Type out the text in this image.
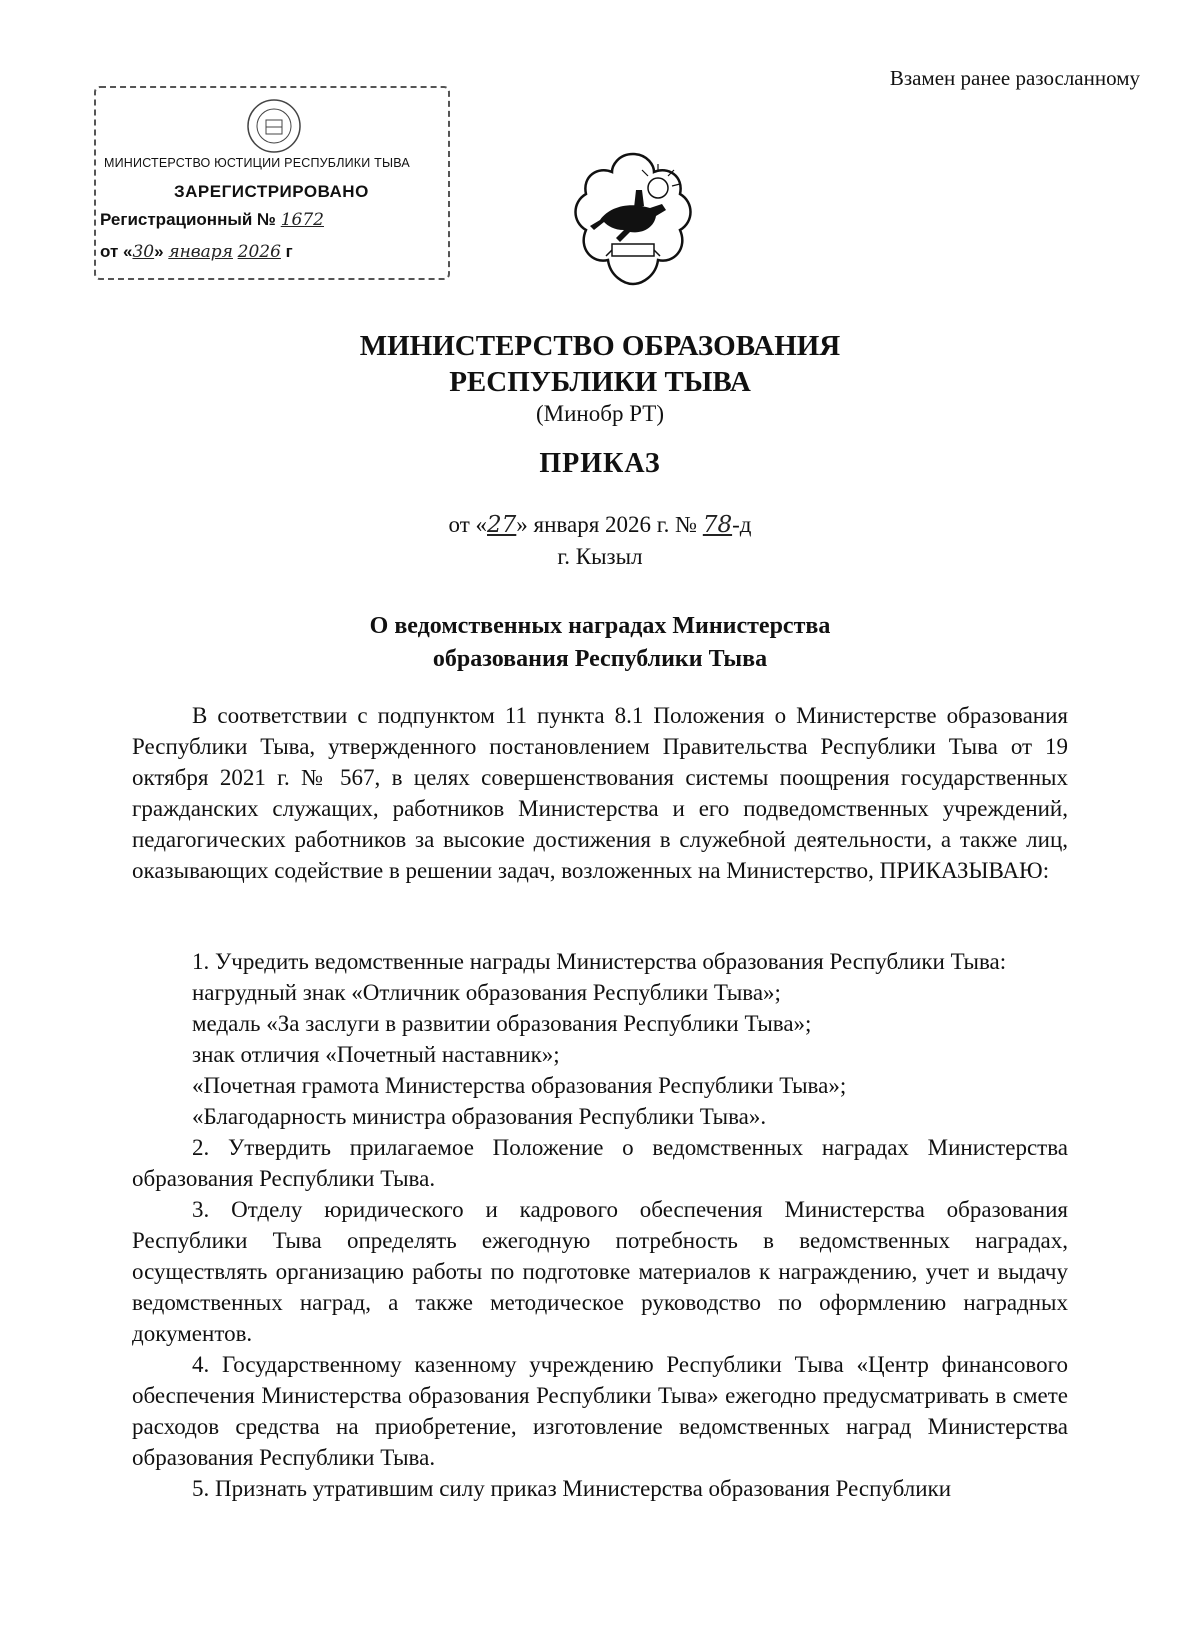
Взамен ранее разосланному
МИНИСТЕРСТВО ЮСТИЦИИ РЕСПУБЛИКИ ТЫВА
ЗАРЕГИСТРИРОВАНО
Регистрационный № 1672
от «30» января 2026 г
МИНИСТЕРСТВО ОБРАЗОВАНИЯ
РЕСПУБЛИКИ ТЫВА
(Минобр РТ)
ПРИКАЗ
от «27» января 2026 г. № 78-д
г. Кызыл
О ведомственных наградах Министерства
образования Республики Тыва

В соответствии с подпунктом 11 пункта 8.1 Положения о Министерстве образования Республики Тыва, утвержденного постановлением Правительства Республики Тыва от 19 октября 2021 г. № 567, в целях совершенствования системы поощрения государственных гражданских служащих, работников Министерства и его подведомственных учреждений, педагогических работников за высокие достижения в служебной деятельности, а также лиц, оказывающих содействие в решении задач, возложенных на Министерство, ПРИКАЗЫВАЮ:

1. Учредить ведомственные награды Министерства образования Республики Тыва:

нагрудный знак «Отличник образования Республики Тыва»;

медаль «За заслуги в развитии образования Республики Тыва»;

знак отличия «Почетный наставник»;

«Почетная грамота Министерства образования Республики Тыва»;

«Благодарность министра образования Республики Тыва».

2. Утвердить прилагаемое Положение о ведомственных наградах Министерства образования Республики Тыва.

3. Отделу юридического и кадрового обеспечения Министерства образования Республики Тыва определять ежегодную потребность в ведомственных наградах, осуществлять организацию работы по подготовке материалов к награждению, учет и выдачу ведомственных наград, а также методическое руководство по оформлению наградных документов.

4. Государственному казенному учреждению Республики Тыва «Центр финансового обеспечения Министерства образования Республики Тыва» ежегодно предусматривать в смете расходов средства на приобретение, изготовление ведомственных наград Министерства образования Республики Тыва.

5. Признать утратившим силу приказ Министерства образования Республики
